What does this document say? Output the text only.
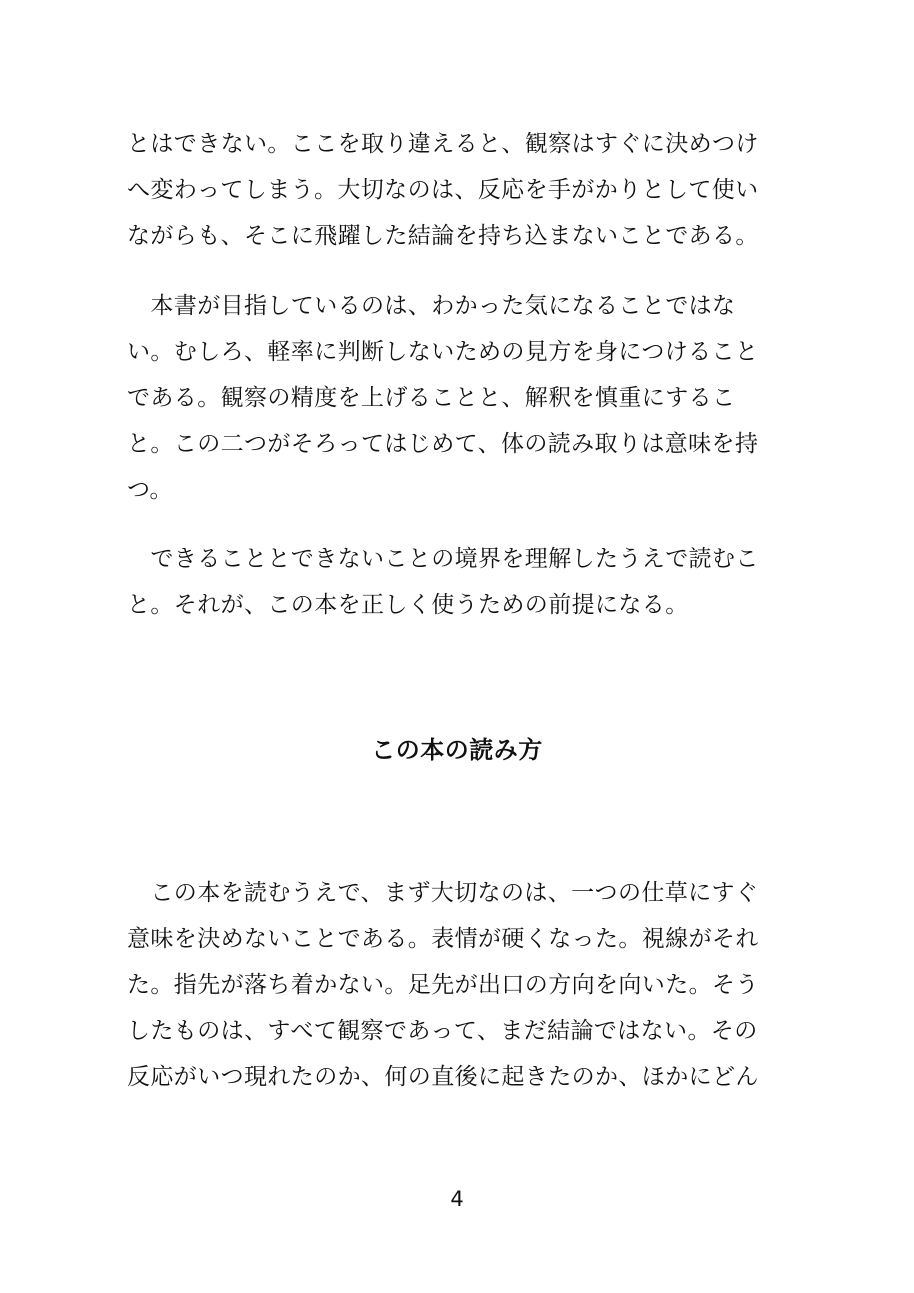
とはできない。ここを取り違えると、観察はすぐに決めつけ
へ変わってしまう。大切なのは、反応を手がかりとして使い
ながらも、そこに飛躍した結論を持ち込まないことである。
　本書が目指しているのは、わかった気になることではな
い。むしろ、軽率に判断しないための見方を身につけること
である。観察の精度を上げることと、解釈を慎重にするこ
と。この二つがそろってはじめて、体の読み取りは意味を持
つ。
　できることとできないことの境界を理解したうえで読むこ
と。それが、この本を正しく使うための前提になる。
この本の読み方
　この本を読むうえで、まず大切なのは、一つの仕草にすぐ
意味を決めないことである。表情が硬くなった。視線がそれ
た。指先が落ち着かない。足先が出口の方向を向いた。そう
したものは、すべて観察であって、まだ結論ではない。その
反応がいつ現れたのか、何の直後に起きたのか、ほかにどん
4
